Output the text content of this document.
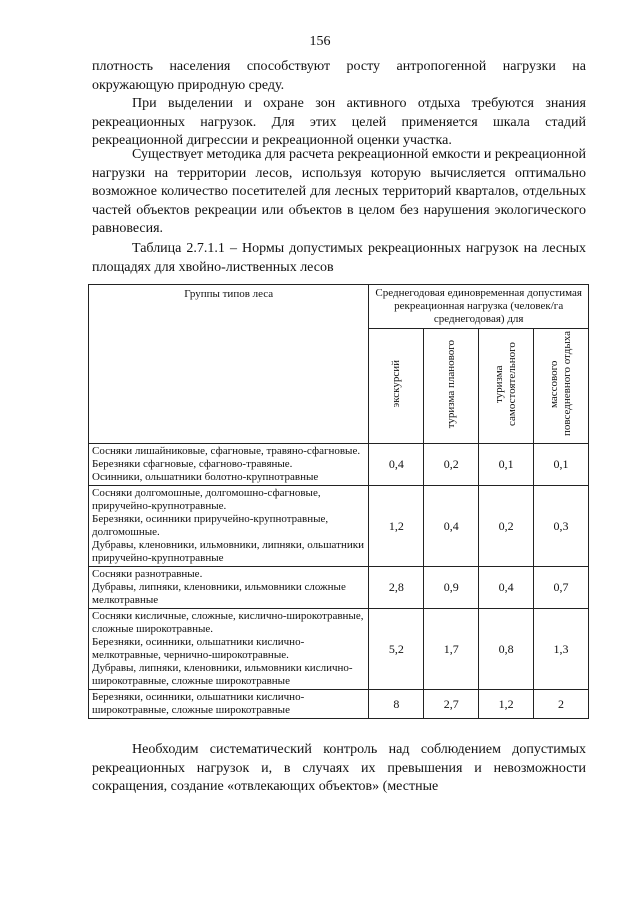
156

плотность населения способствуют росту антропогенной нагрузки на окружающую природную среду.

При выделении и охране зон активного отдыха требуются знания рекреационных нагрузок. Для этих целей применяется шкала стадий рекреационной дигрессии и рекреационной оценки участка.

Существует методика для расчета рекреационной емкости и рекреационной нагрузки на территории лесов, используя которую вычисляется оптимально возможное количество посетителей для лесных территорий кварталов, отдельных частей объектов рекреации или объектов в целом без нарушения экологического равновесия.

Таблица 2.7.1.1 – Нормы допустимых рекреационных нагрузок на лесных площадях для хвойно-лиственных лесов

Группы типов леса	Среднегодовая единовременная допустимая рекреационная нагрузка (человек/га среднегодовая) для			
	экскурсий	туризма планового	туризма самостоятельного	массового повседневного отдыха

Сосняки лишайниковые, сфагновые, травяно-сфагновые.
Березняки сфагновые, сфагново-травяные.
Осинники, ольшатники болотно-крупнотравные	0,4	0,2	0,1	0,1

Сосняки долгомошные, долгомошно-сфагновые, приручейно-крупнотравные.
Березняки, осинники приручейно-крупнотравные, долгомошные.
Дубравы, кленовники, ильмовники, липняки, ольшатники приручейно-крупнотравные	1,2	0,4	0,2	0,3

Сосняки разнотравные.
Дубравы, липняки, кленовники, ильмовники сложные мелкотравные	2,8	0,9	0,4	0,7

Сосняки кисличные, сложные, кислично-широкотравные, сложные широкотравные.
Березняки, осинники, ольшатники кислично-мелкотравные, чернично-широкотравные.
Дубравы, липняки, кленовники, ильмовники кислично-широкотравные, сложные широкотравные	5,2	1,7	0,8	1,3

Березняки, осинники, ольшатники кислично-широкотравные, сложные широкотравные	8	2,7	1,2	2

Необходим систематический контроль над соблюдением допустимых рекреационных нагрузок и, в случаях их превышения и невозможности сокращения, создание «отвлекающих объектов» (местные
